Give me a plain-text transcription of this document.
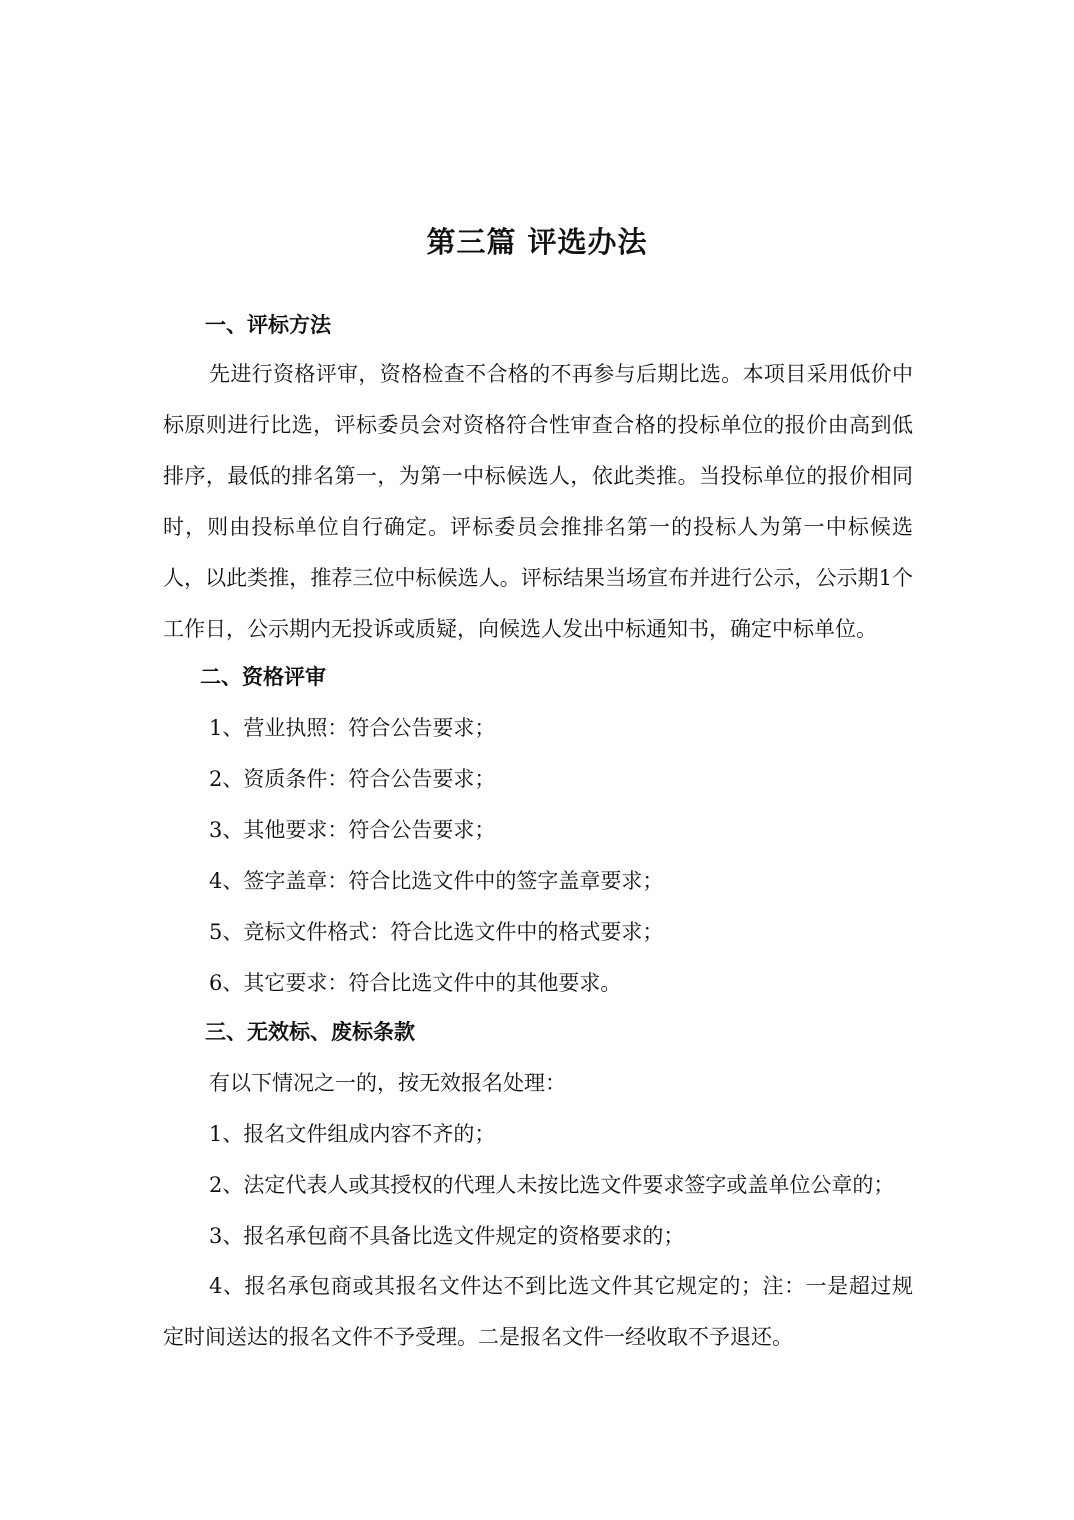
第三篇 评选办法
一、评标方法
先进行资格评审，资格检查不合格的不再参与后期比选。本项目采用低价中标原则进行比选，评标委员会对资格符合性审查合格的投标单位的报价由高到低排序，最低的排名第一，为第一中标候选人，依此类推。当投标单位的报价相同时，则由投标单位自行确定。评标委员会推排名第一的投标人为第一中标候选人，以此类推，推荐三位中标候选人。评标结果当场宣布并进行公示，公示期1个工作日，公示期内无投诉或质疑，向候选人发出中标通知书，确定中标单位。
二、资格评审
1、营业执照：符合公告要求；
2、资质条件：符合公告要求；
3、其他要求：符合公告要求；
4、签字盖章：符合比选文件中的签字盖章要求；
5、竞标文件格式：符合比选文件中的格式要求；
6、其它要求：符合比选文件中的其他要求。
三、无效标、废标条款
有以下情况之一的，按无效报名处理：
1、报名文件组成内容不齐的；
2、法定代表人或其授权的代理人未按比选文件要求签字或盖单位公章的；
3、报名承包商不具备比选文件规定的资格要求的；
4、报名承包商或其报名文件达不到比选文件其它规定的；注：一是超过规定时间送达的报名文件不予受理。二是报名文件一经收取不予退还。
